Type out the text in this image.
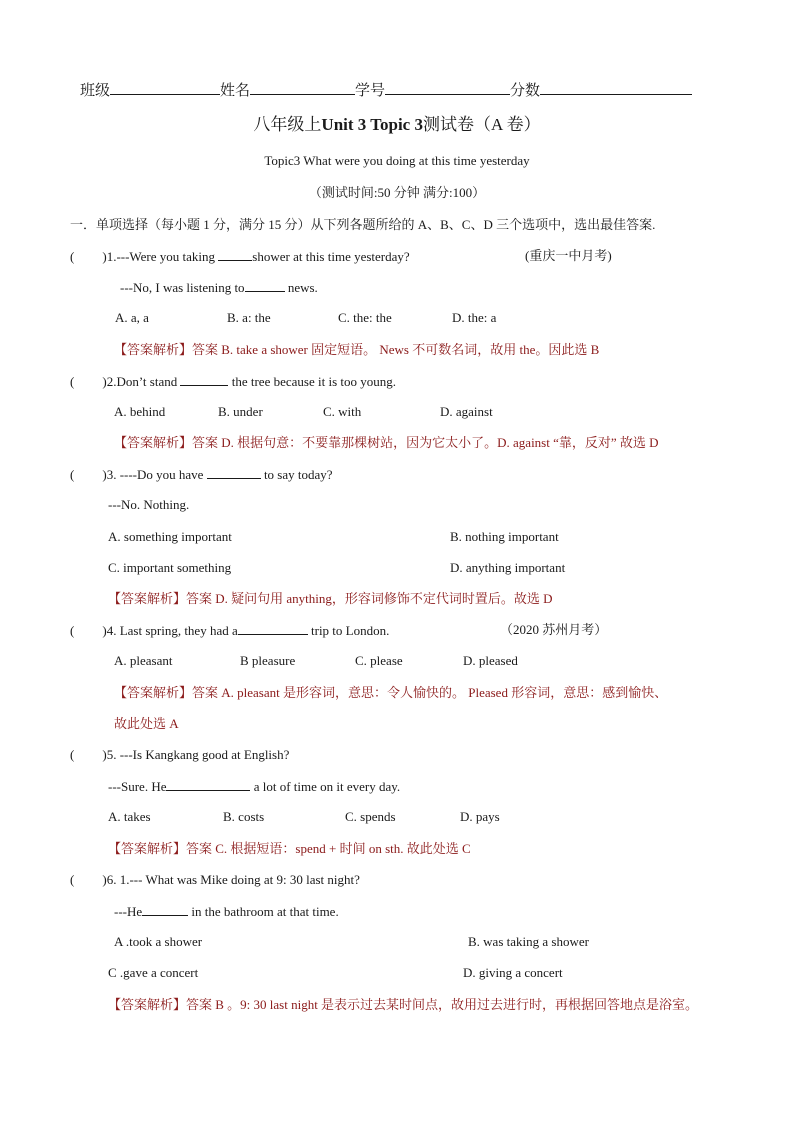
班级	姓名	学号	分数
八年级上Unit 3 Topic 3测试卷（A 卷）
Topic3 What were you doing at this time yesterday
（测试时间:50 分钟 满分:100）
一．单项选择（每小题 1 分，满分 15 分）从下列各题所给的 A、B、C、D 三个选项中，选出最佳答案.
( )1.---Were you taking	shower at this time yesterday?	(重庆一中月考)
---No, I was listening to	news.
A. a, a	B. a: the	C. the: the	D. the: a
【答案解析】答案 B. take a shower 固定短语。 News 不可数名词，故用 the。因此选 B
( )2.Don’t stand	the tree because it is too young.
A. behind	B. under	C. with	D. against
【答案解析】答案 D. 根据句意：不要靠那棵树站，因为它太小了。D. against “靠，反对” 故选 D
( )3. ----Do you have	to say today?
---No. Nothing.
A. something important	B. nothing important
C. important something	D. anything important
【答案解析】答案 D. 疑问句用 anything，形容词修饰不定代词时置后。故选 D
( )4. Last spring, they had a	trip to London.	（2020 苏州月考）
A. pleasant	B pleasure	C. please	D. pleased
【答案解析】答案 A. pleasant 是形容词，意思：令人愉快的。 Pleased 形容词，意思：感到愉快、
故此处选 A
( )5. ---Is Kangkang good at English?
---Sure. He	a lot of time on it every day.
A. takes	B. costs	C. spends	D. pays
【答案解析】答案 C. 根据短语：spend + 时间 on sth. 故此处选 C
( )6. 1.--- What was Mike doing at 9: 30 last night?
---He	in the bathroom at that time.
A .took a shower	B. was taking a shower
C .gave a concert	D. giving a concert
【答案解析】答案 B 。9: 30 last night 是表示过去某时间点，故用过去进行时，再根据回答地点是浴室。
